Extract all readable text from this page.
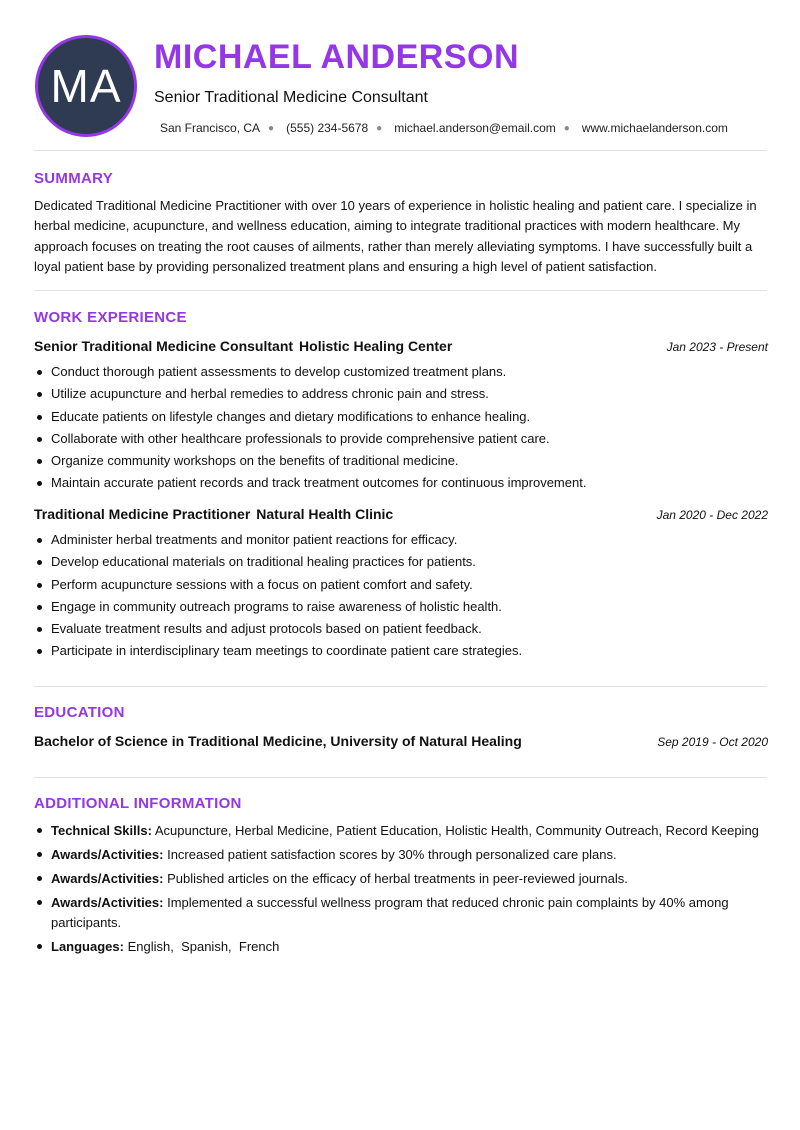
MA
MICHAEL ANDERSON
Senior Traditional Medicine Consultant
San Francisco, CA ● (555) 234-5678 ● michael.anderson@email.com ● www.michaelanderson.com
SUMMARY
Dedicated Traditional Medicine Practitioner with over 10 years of experience in holistic healing and patient care. I specialize in herbal medicine, acupuncture, and wellness education, aiming to integrate traditional practices with modern healthcare. My approach focuses on treating the root causes of ailments, rather than merely alleviating symptoms. I have successfully built a loyal patient base by providing personalized treatment plans and ensuring a high level of patient satisfaction.
WORK EXPERIENCE
Senior Traditional Medicine Consultant Holistic Healing Center	Jan 2023 - Present
Conduct thorough patient assessments to develop customized treatment plans.
Utilize acupuncture and herbal remedies to address chronic pain and stress.
Educate patients on lifestyle changes and dietary modifications to enhance healing.
Collaborate with other healthcare professionals to provide comprehensive patient care.
Organize community workshops on the benefits of traditional medicine.
Maintain accurate patient records and track treatment outcomes for continuous improvement.
Traditional Medicine Practitioner Natural Health Clinic	Jan 2020 - Dec 2022
Administer herbal treatments and monitor patient reactions for efficacy.
Develop educational materials on traditional healing practices for patients.
Perform acupuncture sessions with a focus on patient comfort and safety.
Engage in community outreach programs to raise awareness of holistic health.
Evaluate treatment results and adjust protocols based on patient feedback.
Participate in interdisciplinary team meetings to coordinate patient care strategies.
EDUCATION
Bachelor of Science in Traditional Medicine, University of Natural Healing	Sep 2019 - Oct 2020
ADDITIONAL INFORMATION
Technical Skills: Acupuncture, Herbal Medicine, Patient Education, Holistic Health, Community Outreach, Record Keeping
Awards/Activities: Increased patient satisfaction scores by 30% through personalized care plans.
Awards/Activities: Published articles on the efficacy of herbal treatments in peer-reviewed journals.
Awards/Activities: Implemented a successful wellness program that reduced chronic pain complaints by 40% among participants.
Languages: English,  Spanish,  French
